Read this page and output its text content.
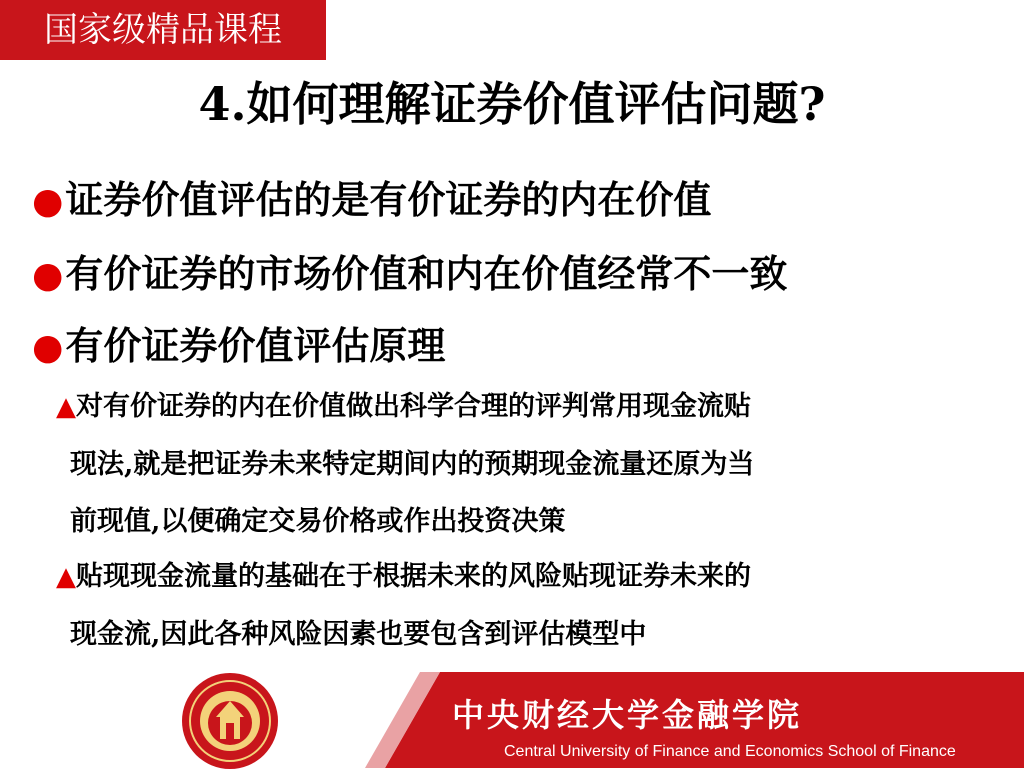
国家级精品课程
4.如何理解证券价值评估问题?
●证券价值评估的是有价证券的内在价值
●有价证券的市场价值和内在价值经常不一致
●有价证券价值评估原理
▲对有价证券的内在价值做出科学合理的评判常用现金流贴
现法,就是把证券未来特定期间内的预期现金流量还原为当
前现值,以便确定交易价格或作出投资决策
▲贴现现金流量的基础在于根据未来的风险贴现证券未来的
现金流,因此各种风险因素也要包含到评估模型中
中央财经大学金融学院
Central University of Finance and Economics School of Finance
